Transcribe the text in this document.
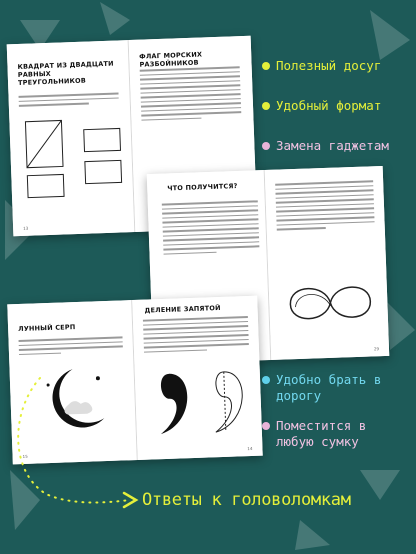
КВАДРАТ ИЗ ДВАДЦАТИ РАВНЫХ ТРЕУГОЛЬНИКОВ
13
ФЛАГ МОРСКИХ РАЗБОЙНИКОВ
ЧТО ПОЛУЧИТСЯ?
29
ЛУННЫЙ СЕРП
15
ДЕЛЕНИЕ ЗАПЯТОЙ
14
Полезный досуг
Удобный формат
Замена гаджетам
Удобно брать в дорогу
Поместится в любую сумку
Ответы к головоломкам
